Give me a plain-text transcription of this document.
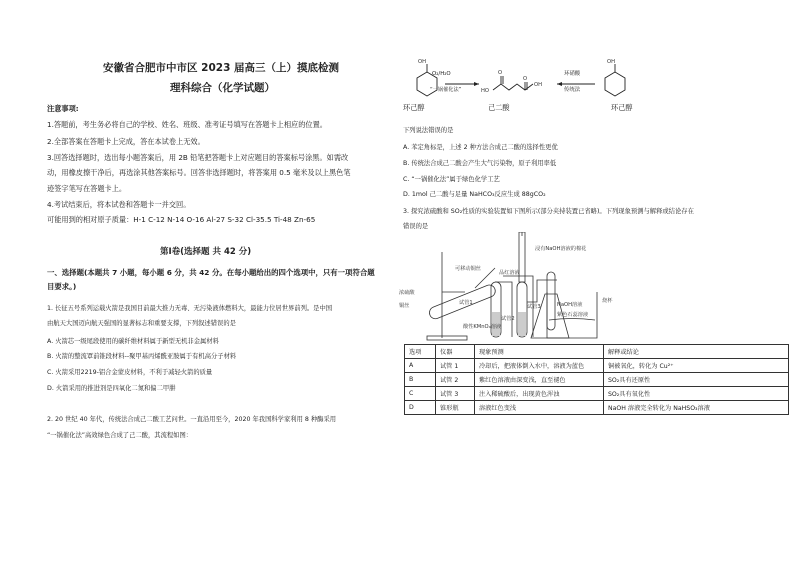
安徽省合肥市中市区 2023 届高三（上）摸底检测
理科综合（化学试题）
注意事项:
1.答题前，考生务必将自己的学校、姓名、班级、准考证号填写在答题卡上相应的位置。
2.全部答案在答题卡上完成，答在本试卷上无效。
3.回答选择题时，选出每小题答案后，用 2B 铅笔把答题卡上对应题目的答案标号涂黑。如需改
动，用橡皮擦干净后，再选涂其他答案标号。回答非选择题时，将答案用 0.5 毫米及以上黑色笔
迹签字笔写在答题卡上。
4.考试结束后，将本试卷和答题卡一并交回。
可能用到的相对原子质量：H-1 C-12 N-14 O-16 Al-27 S-32 Cl-35.5 Ti-48 Zn-65
第Ⅰ卷(选择题 共 42 分)
一、选择题(本题共 7 小题，每小题 6 分，共 42 分。在每小题给出的四个选项中，只有一项符合题
目要求。)
1. 长征五号系列运载火箭是我国目前最大推力无毒、无污染液体燃料大，最能力位居世界前列。是中国
由航天大国迈向航天强国的显著标志和重要支撑，下列叙述错误的是
A. 火箭芯一级尾段使用的碳纤维材料属于新型无机非金属材料
B. 火箭的整流罩前锥段材料--聚甲基丙烯酰亚胺属于有机高分子材料
C. 火箭采用2219-铝合金蒙皮材料，不利于减轻火箭的质量
D. 火箭采用的推进剂是四氧化二氮和偏二甲肼
2. 20 世纪 40 年代，传统法合成己二酸工艺问世。一直沿用至今，2020 年我国科学家利用 8 种酶采用
“一锅催化法”高效绿色合成了己二酸，其流程如图：
OH
HO
OH
O
O
OH
O₂/H₂O
“一锅催化法”
环硝酸
传统法
环己醇	己二酸	环己醇
下列说法错误的是
A. 苯定角标是，上述 2 种方法合成己二酸的选择性更优
B. 传统法合成己二酸会产生大气污染物，原子利用率低
C. “一锅催化法”属于绿色化学工艺
D. 1mol 己二酸与足量 NaHCO₃反应生成 88gCO₂
3. 探究浓硫酸和 SO₂性质的实验装置如下图所示(部分夹持装置已省略)。下列现象预测与解释或结论存在
错误的是
浓硫酸
铜丝	试管1
可移动铜丝
浸有NaOH溶液的棉花
酸性KMnO₄溶液
试管2
品红溶液
试管3	NaOH溶液
紫色石蕊溶液
烧杯
选项	仪器	现象预测	解释或结论
A	试管 1	冷却后，把液体倒入水中，溶液为蓝色	铜被氧化，转化为 Cu²⁺
B	试管 2	紫红色溶液由深变浅，直至褪色	SO₂具有还原性
C	试管 3	注入稀硫酸后，出现黄色浑浊	SO₂具有氧化性
D	锥形瓶	溶液红色变浅	NaOH 溶液完全转化为 NaHSO₃溶液
